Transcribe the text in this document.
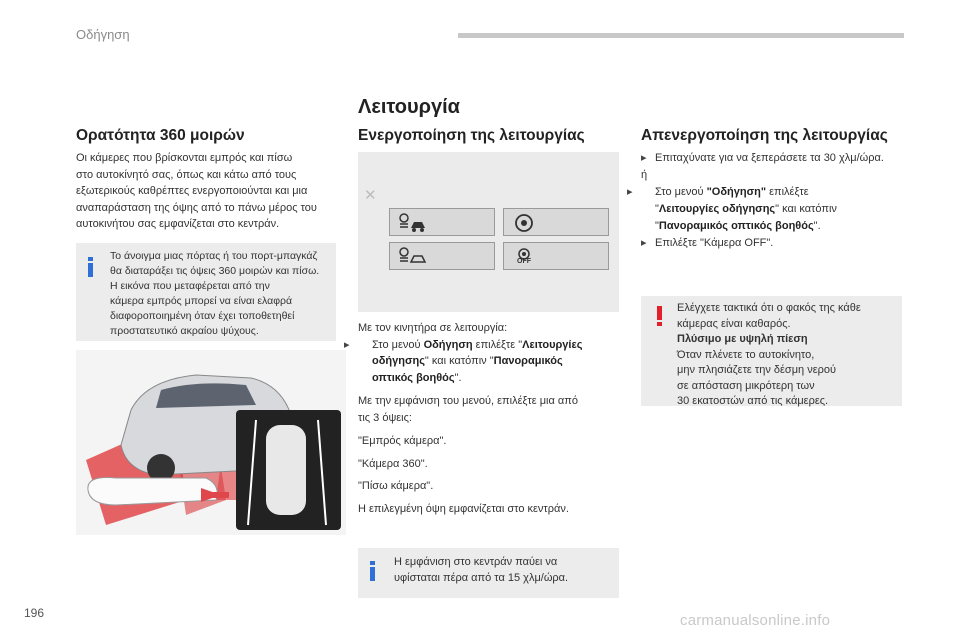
Οδήγηση
Λειτουργία
Ορατότητα 360 μοιρών
Οι κάμερες που βρίσκονται εμπρός και πίσω
στο αυτοκίνητό σας, όπως και κάτω από τους
εξωτερικούς καθρέπτες ενεργοποιούνται και μια
αναπαράσταση της όψης από το πάνω μέρος του
αυτοκινήτου σας εμφανίζεται στο κεντράν.
Το άνοιγμα μιας πόρτας ή του πορτ-μπαγκάζ
θα διαταράξει τις όψεις 360 μοιρών και πίσω.
Η εικόνα που μεταφέρεται από την
κάμερα εμπρός μπορεί να είναι ελαφρά
διαφοροποιημένη όταν έχει τοποθετηθεί
προστατευτικό ακραίου ψύχους.
Ενεργοποίηση της λειτουργίας
✕
OFF
Με τον κινητήρα σε λειτουργία:
▸ Στο μενού Οδήγηση επιλέξτε "Λειτουργίες
οδήγησης" και κατόπιν "Πανοραμικός
οπτικός βοηθός".
Με την εμφάνιση του μενού, επιλέξτε μια από
τις 3 όψεις:
"Εμπρός κάμερα".
"Κάμερα 360".
"Πίσω κάμερα".
Η επιλεγμένη όψη εμφανίζεται στο κεντράν.
Η εμφάνιση στο κεντράν παύει να
υφίσταται πέρα από τα 15 χλμ/ώρα.
Απενεργοποίηση της λειτουργίας
▸ Επιταχύνατε για να ξεπεράσετε τα 30 χλμ/ώρα.
ή
▸ Στο μενού "Οδήγηση" επιλέξτε
"Λειτουργίες οδήγησης" και κατόπιν
"Πανοραμικός οπτικός βοηθός".
▸ Επιλέξτε "Κάμερα OFF".
Ελέγχετε τακτικά ότι ο φακός της κάθε
κάμερας είναι καθαρός.
Πλύσιμο με υψηλή πίεση
Όταν πλένετε το αυτοκίνητο,
μην πλησιάζετε την δέσμη νερού
σε απόσταση μικρότερη των
30 εκατοστών από τις κάμερες.
196	carmanualsonline.info
